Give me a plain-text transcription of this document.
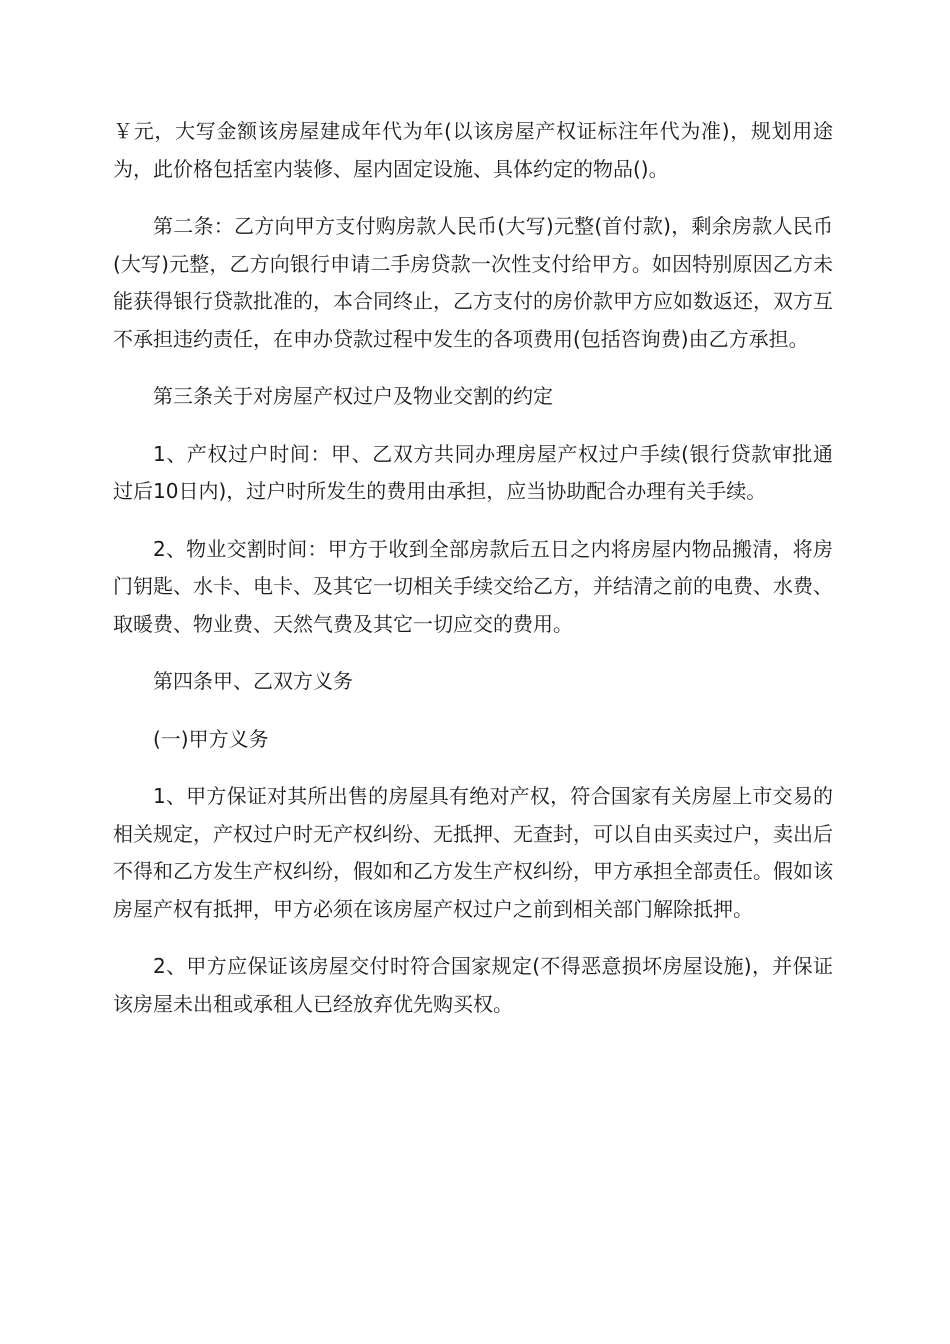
￥元，大写金额该房屋建成年代为年(以该房屋产权证标注年代为准)，规划用途为，此价格包括室内装修、屋内固定设施、具体约定的物品()。

第二条：乙方向甲方支付购房款人民币(大写)元整(首付款)，剩余房款人民币(大写)元整，乙方向银行申请二手房贷款一次性支付给甲方。如因特别原因乙方未能获得银行贷款批准的，本合同终止，乙方支付的房价款甲方应如数返还，双方互不承担违约责任，在申办贷款过程中发生的各项费用(包括咨询费)由乙方承担。

第三条关于对房屋产权过户及物业交割的约定

1、产权过户时间：甲、乙双方共同办理房屋产权过户手续(银行贷款审批通过后10日内)，过户时所发生的费用由承担，应当协助配合办理有关手续。

2、物业交割时间：甲方于收到全部房款后五日之内将房屋内物品搬清，将房门钥匙、水卡、电卡、及其它一切相关手续交给乙方，并结清之前的电费、水费、取暖费、物业费、天然气费及其它一切应交的费用。

第四条甲、乙双方义务

(一)甲方义务

1、甲方保证对其所出售的房屋具有绝对产权，符合国家有关房屋上市交易的相关规定，产权过户时无产权纠纷、无抵押、无查封，可以自由买卖过户，卖出后不得和乙方发生产权纠纷，假如和乙方发生产权纠纷，甲方承担全部责任。假如该房屋产权有抵押，甲方必须在该房屋产权过户之前到相关部门解除抵押。

2、甲方应保证该房屋交付时符合国家规定(不得恶意损坏房屋设施)，并保证该房屋未出租或承租人已经放弃优先购买权。
